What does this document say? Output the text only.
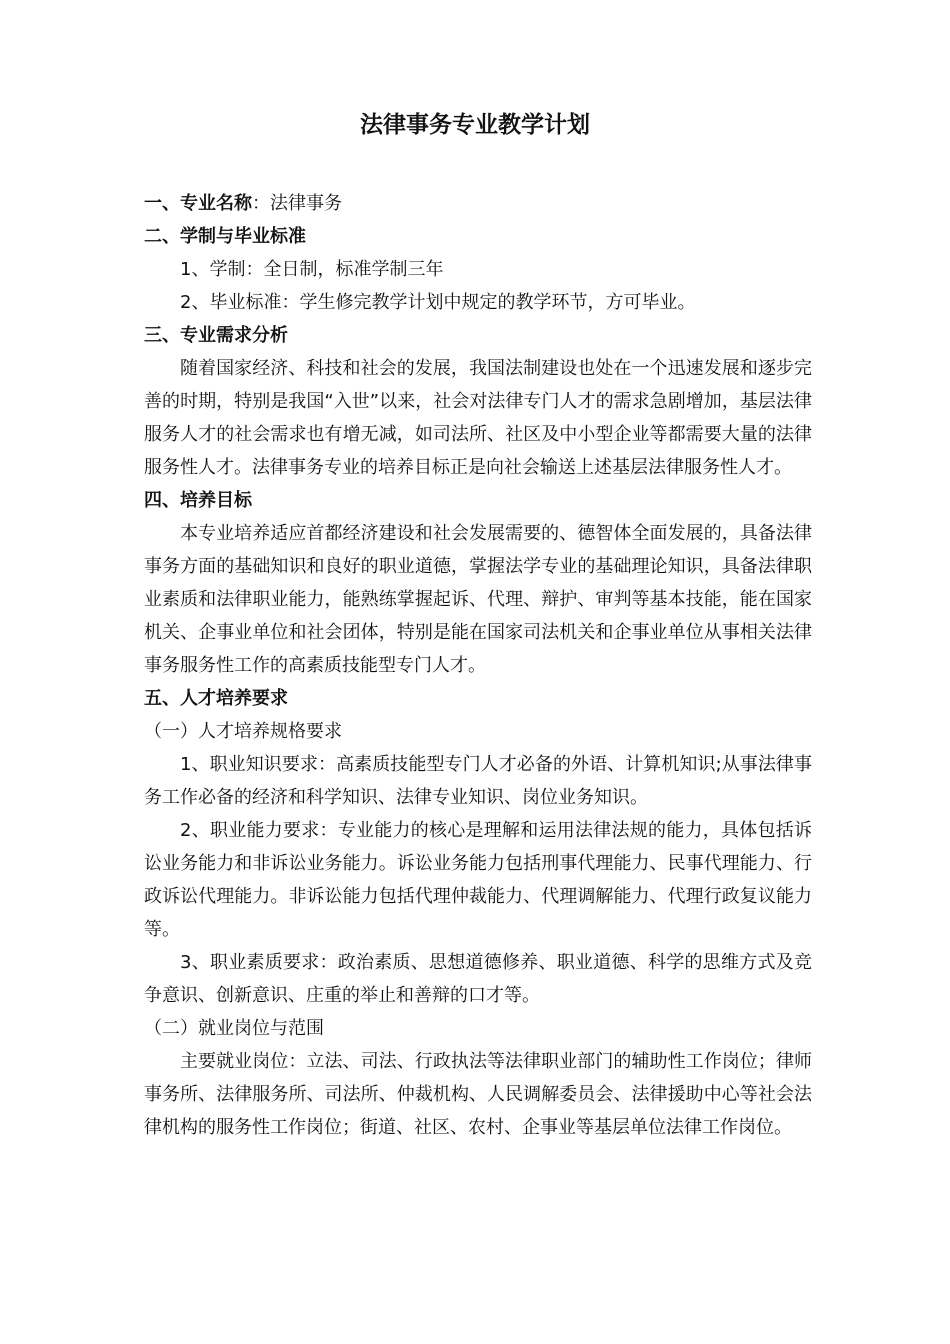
法律事务专业教学计划

一、专业名称：法律事务

二、学制与毕业标准

1、学制：全日制，标准学制三年

2、毕业标准：学生修完教学计划中规定的教学环节，方可毕业。

三、专业需求分析

随着国家经济、科技和社会的发展，我国法制建设也处在一个迅速发展和逐步完善的时期，特别是我国“入世”以来，社会对法律专门人才的需求急剧增加，基层法律服务人才的社会需求也有增无减，如司法所、社区及中小型企业等都需要大量的法律服务性人才。法律事务专业的培养目标正是向社会输送上述基层法律服务性人才。

四、培养目标

本专业培养适应首都经济建设和社会发展需要的、德智体全面发展的，具备法律事务方面的基础知识和良好的职业道德，掌握法学专业的基础理论知识，具备法律职业素质和法律职业能力，能熟练掌握起诉、代理、辩护、审判等基本技能，能在国家机关、企事业单位和社会团体，特别是能在国家司法机关和企事业单位从事相关法律事务服务性工作的高素质技能型专门人才。

五、人才培养要求

（一）人才培养规格要求

1、职业知识要求：高素质技能型专门人才必备的外语、计算机知识;从事法律事务工作必备的经济和科学知识、法律专业知识、岗位业务知识。

2、职业能力要求：专业能力的核心是理解和运用法律法规的能力，具体包括诉讼业务能力和非诉讼业务能力。诉讼业务能力包括刑事代理能力、民事代理能力、行政诉讼代理能力。非诉讼能力包括代理仲裁能力、代理调解能力、代理行政复议能力等。

3、职业素质要求：政治素质、思想道德修养、职业道德、科学的思维方式及竞争意识、创新意识、庄重的举止和善辩的口才等。

（二）就业岗位与范围

主要就业岗位：立法、司法、行政执法等法律职业部门的辅助性工作岗位；律师事务所、法律服务所、司法所、仲裁机构、人民调解委员会、法律援助中心等社会法律机构的服务性工作岗位；街道、社区、农村、企事业等基层单位法律工作岗位。
